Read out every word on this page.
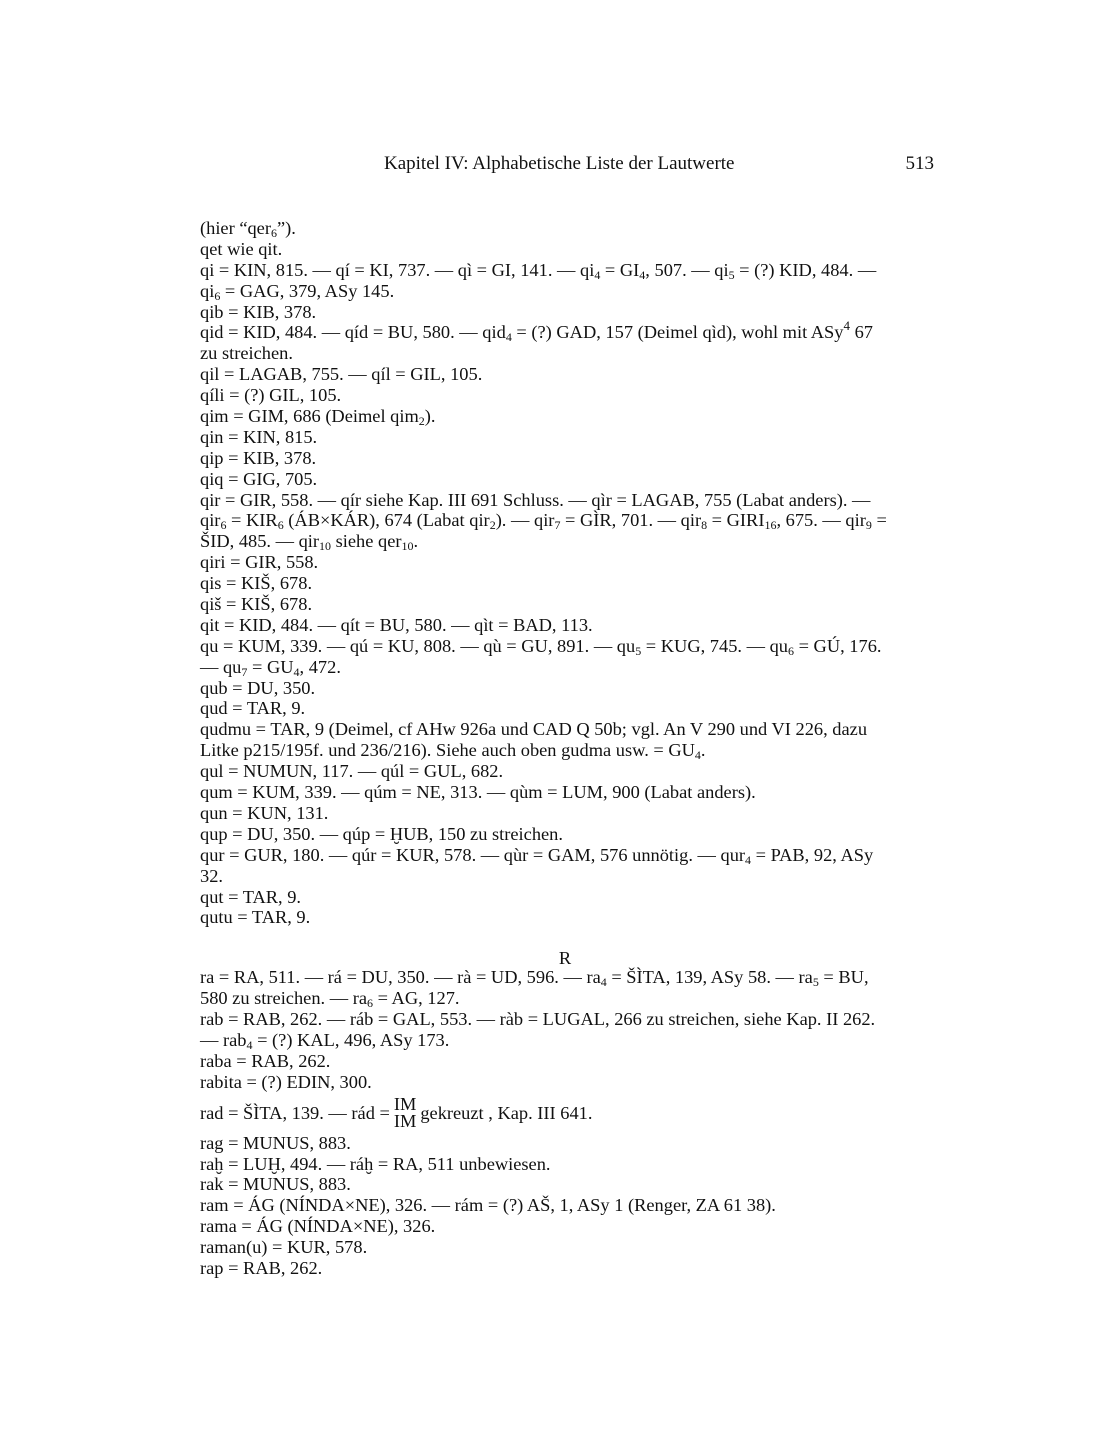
Kapitel IV: Alphabetische Liste der Lautwerte	513
(hier “qer$_6$”).
qet wie qit.
qi = KIN, 815. — qí = KI, 737. — qì = GI, 141. — $qi_4 = GI_4$, 507. — $qi_5$ = (?) KID, 484. —
$qi_6$ = GAG, 379, ASy 145.
qib = KIB, 378.
qid = KID, 484. — qíd = BU, 580. — qid$_4$ = (?) GAD, 157 (Deimel qìd), wohl mit ASy$^4$ 67
zu streichen.
qil = LAGAB, 755. — qíl = GIL, 105.
qíli = (?) GIL, 105.
qim = GIM, 686 (Deimel qim$_2$).
qin = KIN, 815.
qip = KIB, 378.
qiq = GIG, 705.
qir = GIR, 558. — qír siehe Kap. III 691 Schluss. — qìr = LAGAB, 755 (Labat anders). —
$qir_6 = KIR_6$ (ÁB×KÁR), 674 (Labat qir$_2$). — qir$_7$ = GÌR, 701. — $qir_8 = GIRI_{16}$, 675. — qir$_9$ =
ŠID, 485. — qir$_{10}$ siehe qer$_{10}$.
qiri = GIR, 558.
qis = KIŠ, 678.
qiš = KIŠ, 678.
qit = KID, 484. — qít = BU, 580. — qìt = BAD, 113.
qu = KUM, 339. — qú = KU, 808. — qù = GU, 891. — $qu_5$ = KUG, 745. — $qu_6$ = GÚ, 176.
— $qu_7 = GU_4$, 472.
qub = DU, 350.
qud = TAR, 9.
qudmu = TAR, 9 (Deimel, cf AHw 926a und CAD Q 50b; vgl. An V 290 und VI 226, dazu
Litke p215/195f. und 236/216). Siehe auch oben gudma usw. = $GU_4$.
qul = NUMUN, 117. — qúl = GUL, 682.
qum = KUM, 339. — qúm = NE, 313. — qùm = LUM, 900 (Labat anders).
qun = KUN, 131.
qup = DU, 350. — qúp = ḪUB, 150 zu streichen.
qur = GUR, 180. — qúr = KUR, 578. — qùr = GAM, 576 unnötig. — qur$_4$ = PAB, 92, ASy
32.
qut = TAR, 9.
qutu = TAR, 9.
R
ra = RA, 511. — rá = DU, 350. — rà = UD, 596. — $ra_4$ = ŠÌTA, 139, ASy 58. — $ra_5$ = BU,
580 zu streichen. — $ra_6$ = AG, 127.
rab = RAB, 262. — ráb = GAL, 553. — ràb = LUGAL, 266 zu streichen, siehe Kap. II 262.
— rab$_4$ = (?) KAL, 496, ASy 173.
raba = RAB, 262.
rabita = (?) EDIN, 300.
rad = ŠÌTA, 139. — rád = IM
IM gekreuzt , Kap. III 641.
rag = MUNUS, 883.
raḫ = LUḪ, 494. — ráḫ = RA, 511 unbewiesen.
rak = MUNUS, 883.
ram = ÁG (NÍNDA×NE), 326. — rám = (?) AŠ, 1, ASy 1 (Renger, ZA 61 38).
rama = ÁG (NÍNDA×NE), 326.
raman(u) = KUR, 578.
rap = RAB, 262.
